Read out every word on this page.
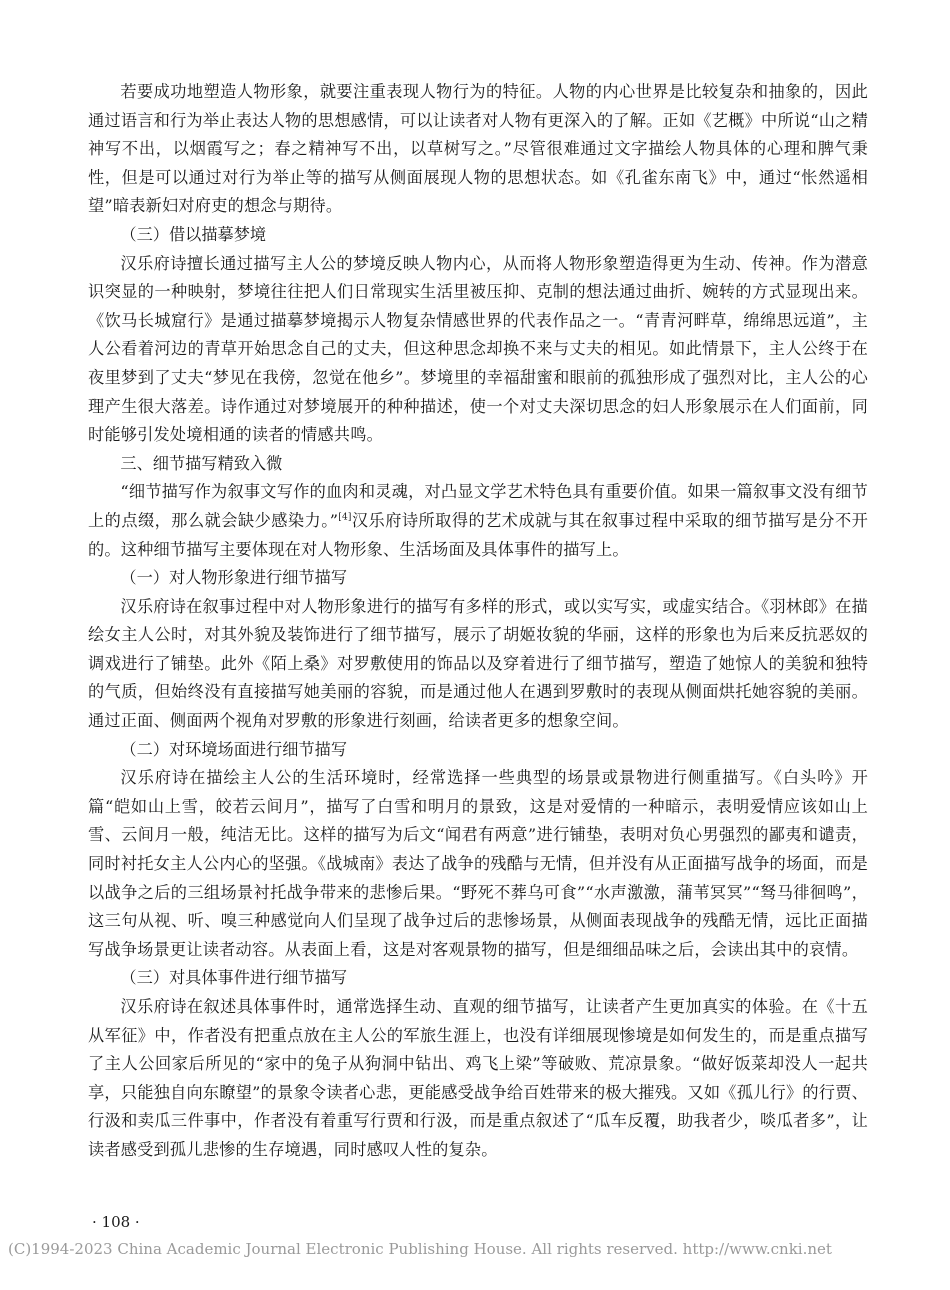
若要成功地塑造人物形象，就要注重表现人物行为的特征。人物的内心世界是比较复杂和抽象的，因此通过语言和行为举止表达人物的思想感情，可以让读者对人物有更深入的了解。正如《艺概》中所说“山之精神写不出，以烟霞写之；春之精神写不出，以草树写之。”尽管很难通过文字描绘人物具体的心理和脾气秉性，但是可以通过对行为举止等的描写从侧面展现人物的思想状态。如《孔雀东南飞》中，通过“怅然遥相望”暗表新妇对府吏的想念与期待。

（三）借以描摹梦境

汉乐府诗擅长通过描写主人公的梦境反映人物内心，从而将人物形象塑造得更为生动、传神。作为潜意识突显的一种映射，梦境往往把人们日常现实生活里被压抑、克制的想法通过曲折、婉转的方式显现出来。《饮马长城窟行》是通过描摹梦境揭示人物复杂情感世界的代表作品之一。“青青河畔草，绵绵思远道”，主人公看着河边的青草开始思念自己的丈夫，但这种思念却换不来与丈夫的相见。如此情景下，主人公终于在夜里梦到了丈夫“梦见在我傍，忽觉在他乡”。梦境里的幸福甜蜜和眼前的孤独形成了强烈对比，主人公的心理产生很大落差。诗作通过对梦境展开的种种描述，使一个对丈夫深切思念的妇人形象展示在人们面前，同时能够引发处境相通的读者的情感共鸣。

三、细节描写精致入微

“细节描写作为叙事文写作的血肉和灵魂，对凸显文学艺术特色具有重要价值。如果一篇叙事文没有细节上的点缀，那么就会缺少感染力。”[4]汉乐府诗所取得的艺术成就与其在叙事过程中采取的细节描写是分不开的。这种细节描写主要体现在对人物形象、生活场面及具体事件的描写上。

（一）对人物形象进行细节描写

汉乐府诗在叙事过程中对人物形象进行的描写有多样的形式，或以实写实，或虚实结合。《羽林郎》在描绘女主人公时，对其外貌及装饰进行了细节描写，展示了胡姬妆貌的华丽，这样的形象也为后来反抗恶奴的调戏进行了铺垫。此外《陌上桑》对罗敷使用的饰品以及穿着进行了细节描写，塑造了她惊人的美貌和独特的气质，但始终没有直接描写她美丽的容貌，而是通过他人在遇到罗敷时的表现从侧面烘托她容貌的美丽。通过正面、侧面两个视角对罗敷的形象进行刻画，给读者更多的想象空间。

（二）对环境场面进行细节描写

汉乐府诗在描绘主人公的生活环境时，经常选择一些典型的场景或景物进行侧重描写。《白头吟》开篇“皑如山上雪，皎若云间月”，描写了白雪和明月的景致，这是对爱情的一种暗示，表明爱情应该如山上雪、云间月一般，纯洁无比。这样的描写为后文“闻君有两意”进行铺垫，表明对负心男强烈的鄙夷和谴责，同时衬托女主人公内心的坚强。《战城南》表达了战争的残酷与无情，但并没有从正面描写战争的场面，而是以战争之后的三组场景衬托战争带来的悲惨后果。“野死不葬乌可食”“水声激激，蒲苇冥冥”“驽马徘徊鸣”，这三句从视、听、嗅三种感觉向人们呈现了战争过后的悲惨场景，从侧面表现战争的残酷无情，远比正面描写战争场景更让读者动容。从表面上看，这是对客观景物的描写，但是细细品味之后，会读出其中的哀情。

（三）对具体事件进行细节描写

汉乐府诗在叙述具体事件时，通常选择生动、直观的细节描写，让读者产生更加真实的体验。在《十五从军征》中，作者没有把重点放在主人公的军旅生涯上，也没有详细展现惨境是如何发生的，而是重点描写了主人公回家后所见的“家中的兔子从狗洞中钻出、鸡飞上梁”等破败、荒凉景象。“做好饭菜却没人一起共享，只能独自向东瞭望”的景象令读者心悲，更能感受战争给百姓带来的极大摧残。又如《孤儿行》的行贾、行汲和卖瓜三件事中，作者没有着重写行贾和行汲，而是重点叙述了“瓜车反覆，助我者少，啖瓜者多”，让读者感受到孤儿悲惨的生存境遇，同时感叹人性的复杂。

· 108 ·
(C)1994-2023 China Academic Journal Electronic Publishing House. All rights reserved. http://www.cnki.net
